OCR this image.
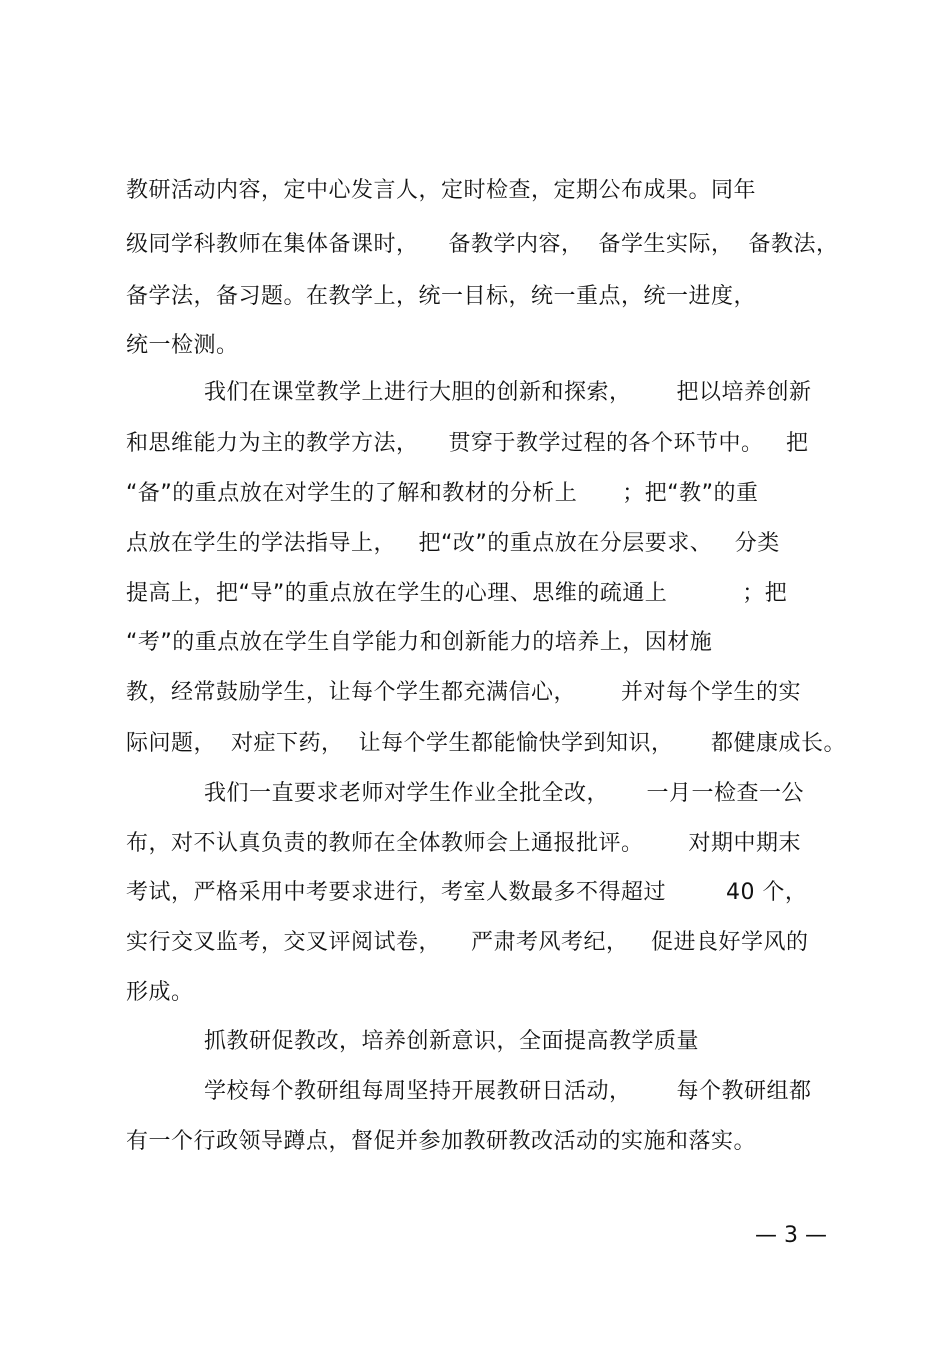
教研活动内容，定中心发言人，定时检查，定期公布成果。同年
级同学科教师在集体备课时，    备教学内容，  备学生实际，  备教法，
备学法，备习题。在教学上，统一目标，统一重点，统一进度，
统一检测。
我们在课堂教学上进行大胆的创新和探索，      把以培养创新
和思维能力为主的教学方法，    贯穿于教学过程的各个环节中。   把
“备”的重点放在对学生的了解和教材的分析上      ；把“教”的重
点放在学生的学法指导上，   把“改”的重点放在分层要求、   分类
提高上，把“导”的重点放在学生的心理、思维的疏通上          ；把
“考”的重点放在学生自学能力和创新能力的培养上，因材施
教，经常鼓励学生，让每个学生都充满信心，      并对每个学生的实
际问题，  对症下药，  让每个学生都能愉快学到知识，     都健康成长。
我们一直要求老师对学生作业全批全改，     一月一检查一公
布，对不认真负责的教师在全体教师会上通报批评。      对期中期末
考试，严格采用中考要求进行，考室人数最多不得超过        40 个，
实行交叉监考，交叉评阅试卷，    严肃考风考纪，   促进良好学风的
形成。
抓教研促教改，培养创新意识，全面提高教学质量
学校每个教研组每周坚持开展教研日活动，      每个教研组都
有一个行政领导蹲点，督促并参加教研教改活动的实施和落实。
— 3 —
